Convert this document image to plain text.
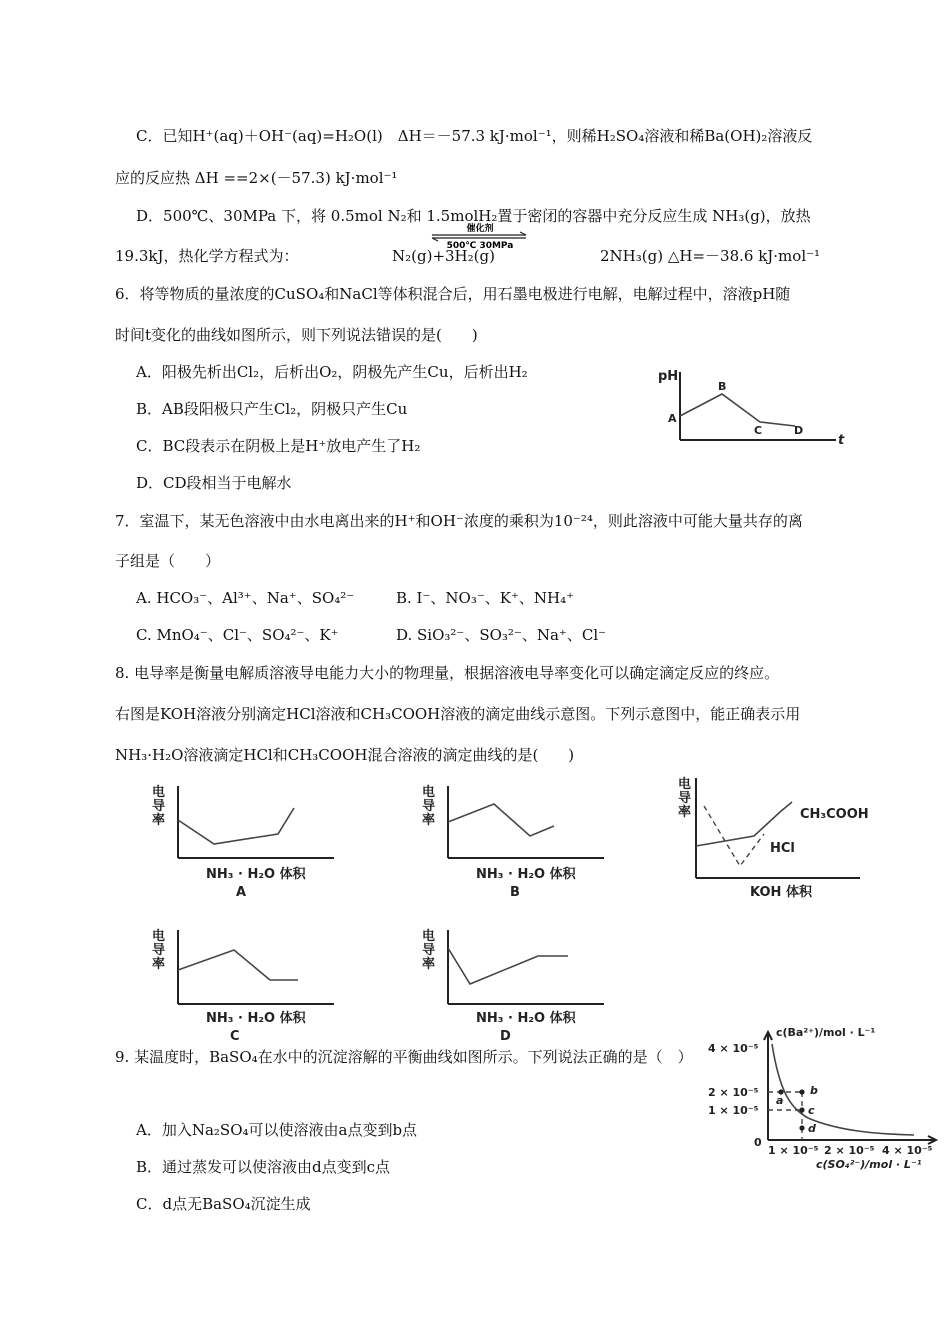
C．已知H⁺(aq)＋OH⁻(aq)=H₂O(l)　ΔH＝－57.3 kJ·mol⁻¹，则稀H₂SO₄溶液和稀Ba(OH)₂溶液反
应的反应热 ΔH ==2×(－57.3) kJ·mol⁻¹
D．500℃、30MPa 下，将 0.5mol N₂和 1.5molH₂置于密闭的容器中充分反应生成 NH₃(g)，放热
19.3kJ，热化学方程式为：	N₂(g)+3H₂(g)
催化剂
500℃ 30MPa
2NH₃(g) △H=－38.6 kJ·mol⁻¹
6．将等物质的量浓度的CuSO₄和NaCl等体积混合后，用石墨电极进行电解，电解过程中，溶液pH随
时间t变化的曲线如图所示，则下列说法错误的是(　　)
A．阳极先析出Cl₂，后析出O₂，阴极先产生Cu，后析出H₂
B．AB段阳极只产生Cl₂，阴极只产生Cu
C．BC段表示在阴极上是H⁺放电产生了H₂
D．CD段相当于电解水
pH
t
A
B
C	D
7．室温下，某无色溶液中由水电离出来的H⁺和OH⁻浓度的乘积为10⁻²⁴，则此溶液中可能大量共存的离
子组是（　　）
A. HCO₃⁻、Al³⁺、Na⁺、SO₄²⁻	B. I⁻、NO₃⁻、K⁺、NH₄⁺
C. MnO₄⁻、Cl⁻、SO₄²⁻、K⁺	D. SiO₃²⁻、SO₃²⁻、Na⁺、Cl⁻
8. 电导率是衡量电解质溶液导电能力大小的物理量，根据溶液电导率变化可以确定滴定反应的终应。
右图是KOH溶液分别滴定HCl溶液和CH₃COOH溶液的滴定曲线示意图。下列示意图中，能正确表示用
NH₃·H₂O溶液滴定HCl和CH₃COOH混合溶液的滴定曲线的是(　　)
电
导
率
NH₃ · H₂O 体积
A
电
导
率
NH₃ · H₂O 体积
B
电
导
率	CH₃COOH
HCl
KOH 体积
电
导
率
NH₃ · H₂O 体积
C
电
导
率
NH₃ · H₂O 体积
D
9. 某温度时，BaSO₄在水中的沉淀溶解的平衡曲线如图所示。下列说法正确的是（　）
A．加入Na₂SO₄可以使溶液由a点变到b点
B．通过蒸发可以使溶液由d点变到c点
C．d点无BaSO₄沉淀生成
a
b
c
d
c(Ba²⁺)/mol · L⁻¹
4 × 10⁻⁵
2 × 10⁻⁵
1 × 10⁻⁵
0
1 × 10⁻⁵ 2 × 10⁻⁵ 4 × 10⁻⁵
c(SO₄²⁻)/mol · L⁻¹
